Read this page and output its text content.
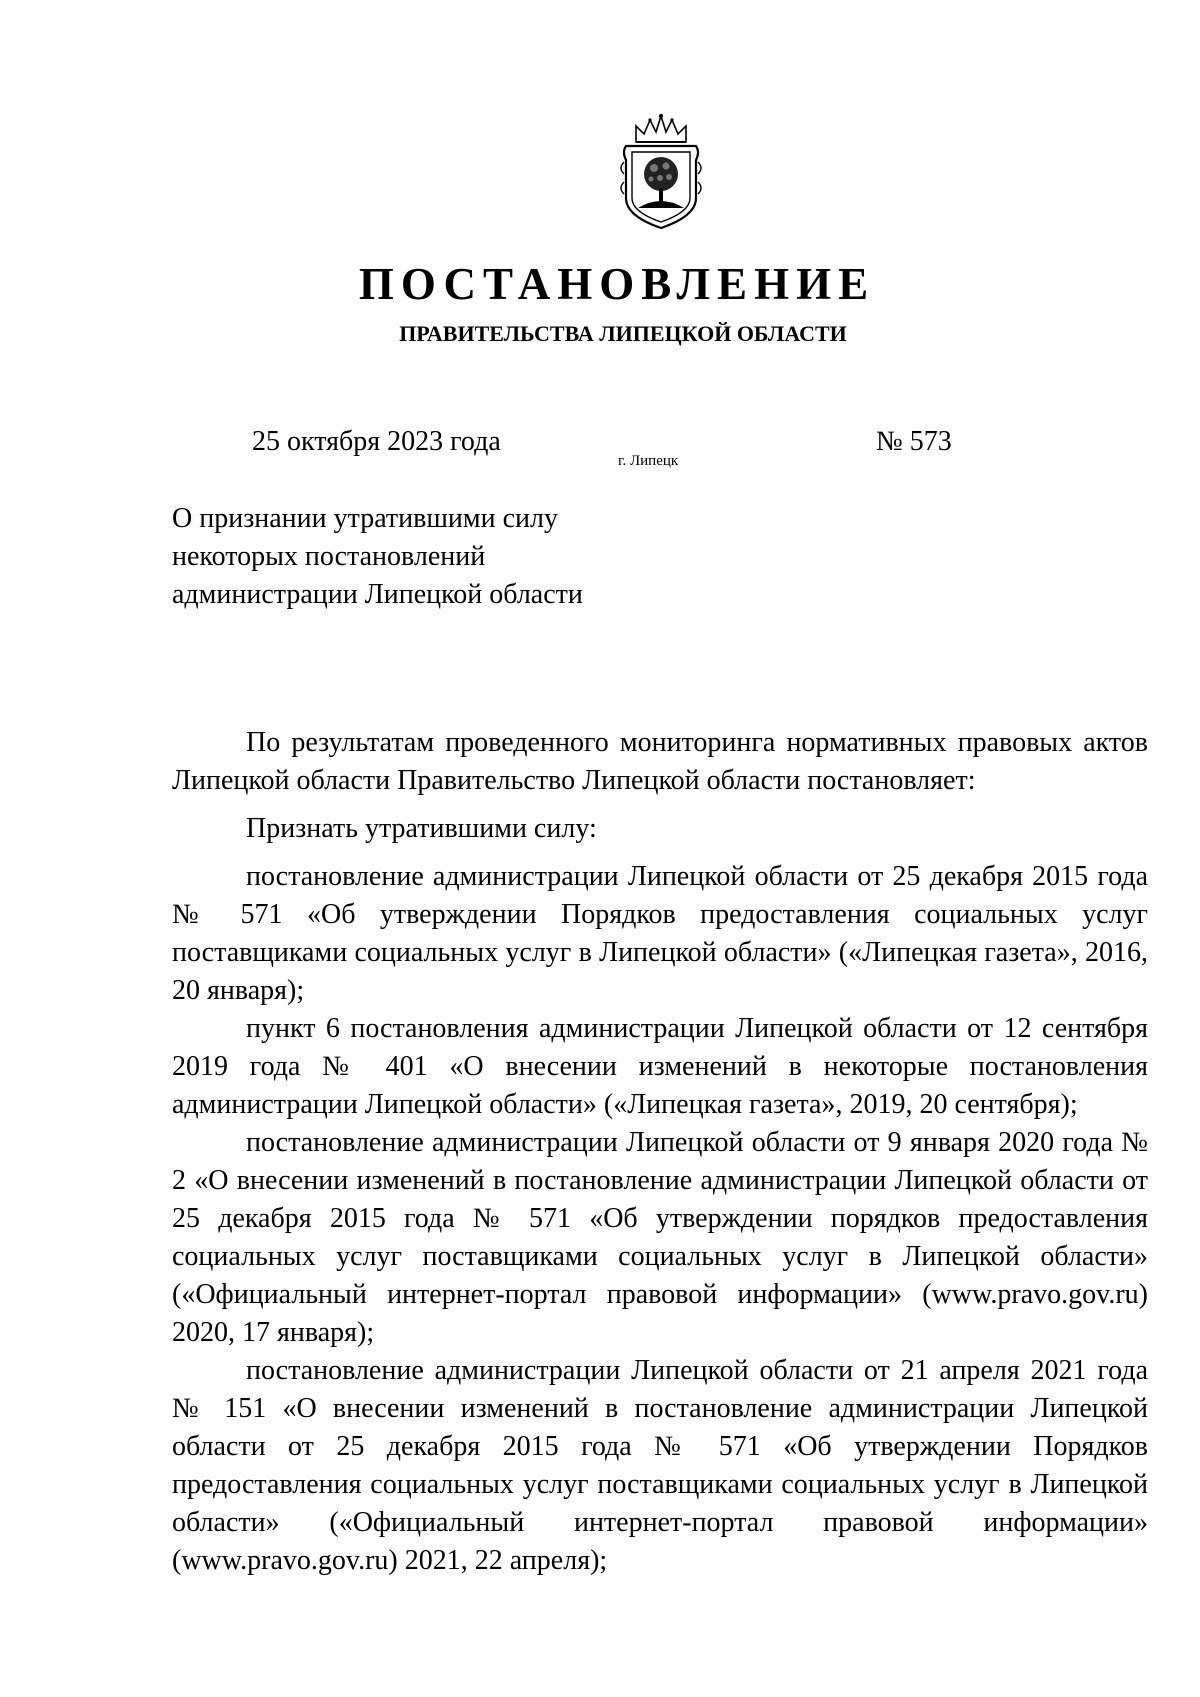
ПОСТАНОВЛЕНИЕ
ПРАВИТЕЛЬСТВА ЛИПЕЦКОЙ ОБЛАСТИ
25 октября 2023 года
г. Липецк
№ 573
О признании утратившими силу
некоторых постановлений
администрации Липецкой области

По результатам проведенного мониторинга нормативных правовых актов Липецкой области Правительство Липецкой области постановляет:

Признать утратившими силу:

постановление администрации Липецкой области от 25 декабря 2015 года № 571 «Об утверждении Порядков предоставления социальных услуг поставщиками социальных услуг в Липецкой области» («Липецкая газета», 2016, 20 января);

пункт 6 постановления администрации Липецкой области от 12 сентября 2019 года № 401 «О внесении изменений в некоторые постановления администрации Липецкой области» («Липецкая газета», 2019, 20 сентября);

постановление администрации Липецкой области от 9 января 2020 года № 2 «О внесении изменений в постановление администрации Липецкой области от 25 декабря 2015 года № 571 «Об утверждении порядков предоставления социальных услуг поставщиками социальных услуг в Липецкой области» («Официальный интернет-портал правовой информации» (www.pravo.gov.ru) 2020, 17 января);

постановление администрации Липецкой области от 21 апреля 2021 года № 151 «О внесении изменений в постановление администрации Липецкой области от 25 декабря 2015 года № 571 «Об утверждении Порядков предоставления социальных услуг поставщиками социальных услуг в Липецкой области» («Официальный интернет-портал правовой информации» (www.pravo.gov.ru) 2021, 22 апреля);
